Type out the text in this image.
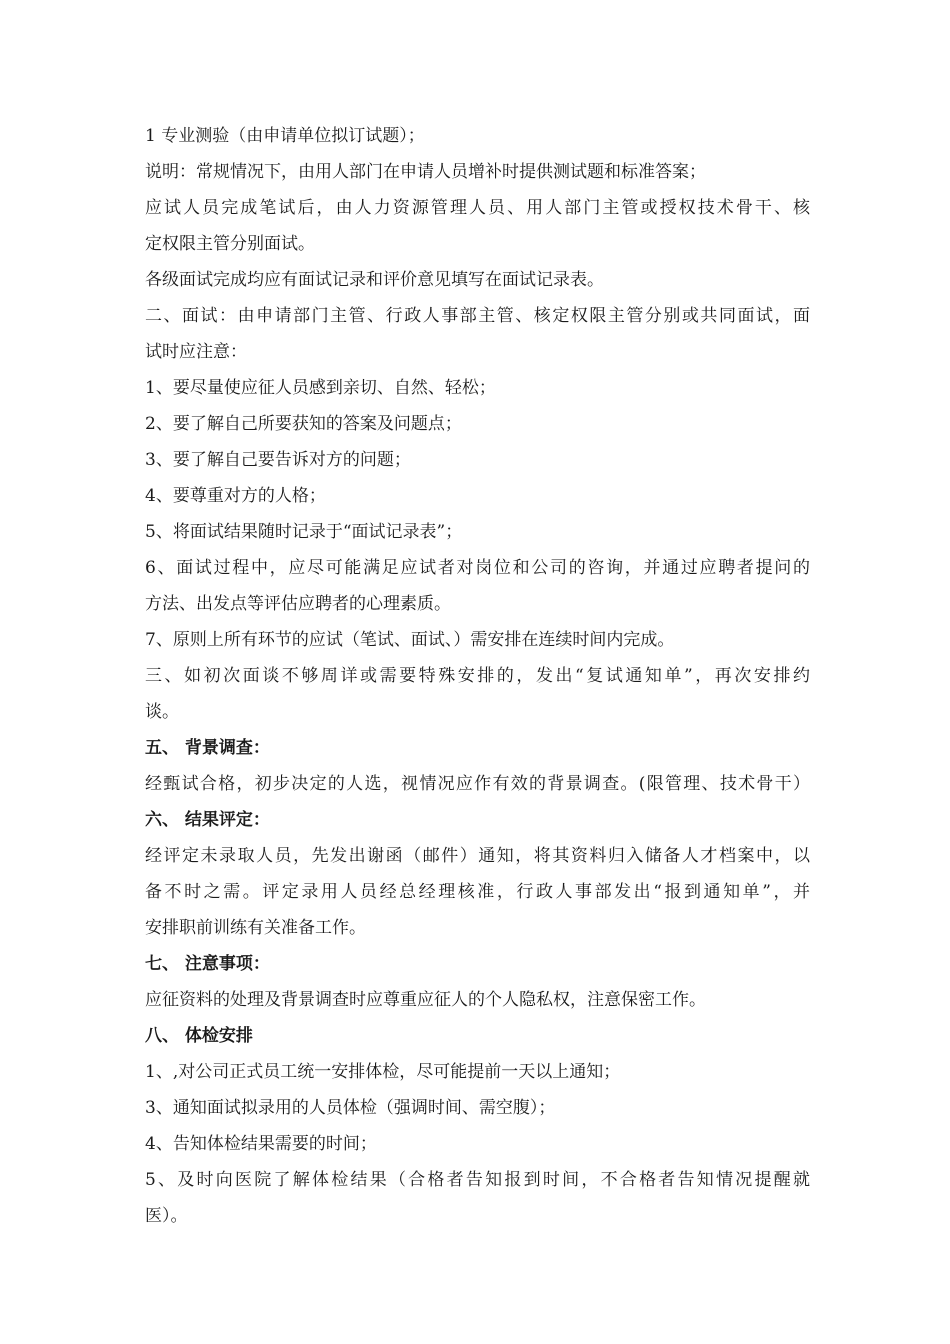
1 专业测验（由申请单位拟订试题）；
说明：常规情况下，由用人部门在申请人员增补时提供测试题和标准答案；
应试人员完成笔试后，由人力资源管理人员、用人部门主管或授权技术骨干、核
定权限主管分别面试。
各级面试完成均应有面试记录和评价意见填写在面试记录表。
二、面试：由申请部门主管、行政人事部主管、核定权限主管分别或共同面试，面
试时应注意：
1、要尽量使应征人员感到亲切、自然、轻松；
2、要了解自己所要获知的答案及问题点；
3、要了解自己要告诉对方的问题；
4、要尊重对方的人格；
5、将面试结果随时记录于“面试记录表”；
6、面试过程中，应尽可能满足应试者对岗位和公司的咨询，并通过应聘者提问的
方法、出发点等评估应聘者的心理素质。
7、原则上所有环节的应试（笔试、面试、）需安排在连续时间内完成。
三、如初次面谈不够周详或需要特殊安排的，发出“复试通知单”，再次安排约
谈。
五、 背景调查：
经甄试合格，初步决定的人选，视情况应作有效的背景调查。(限管理、技术骨干）
六、 结果评定：
经评定未录取人员，先发出谢函（邮件）通知，将其资料归入储备人才档案中，以
备不时之需。评定录用人员经总经理核准，行政人事部发出“报到通知单”，并
安排职前训练有关准备工作。
七、 注意事项：
应征资料的处理及背景调查时应尊重应征人的个人隐私权，注意保密工作。
八、 体检安排
1、,对公司正式员工统一安排体检，尽可能提前一天以上通知；
3、通知面试拟录用的人员体检（强调时间、需空腹）；
4、告知体检结果需要的时间；
5、及时向医院了解体检结果（合格者告知报到时间，不合格者告知情况提醒就
医）。
